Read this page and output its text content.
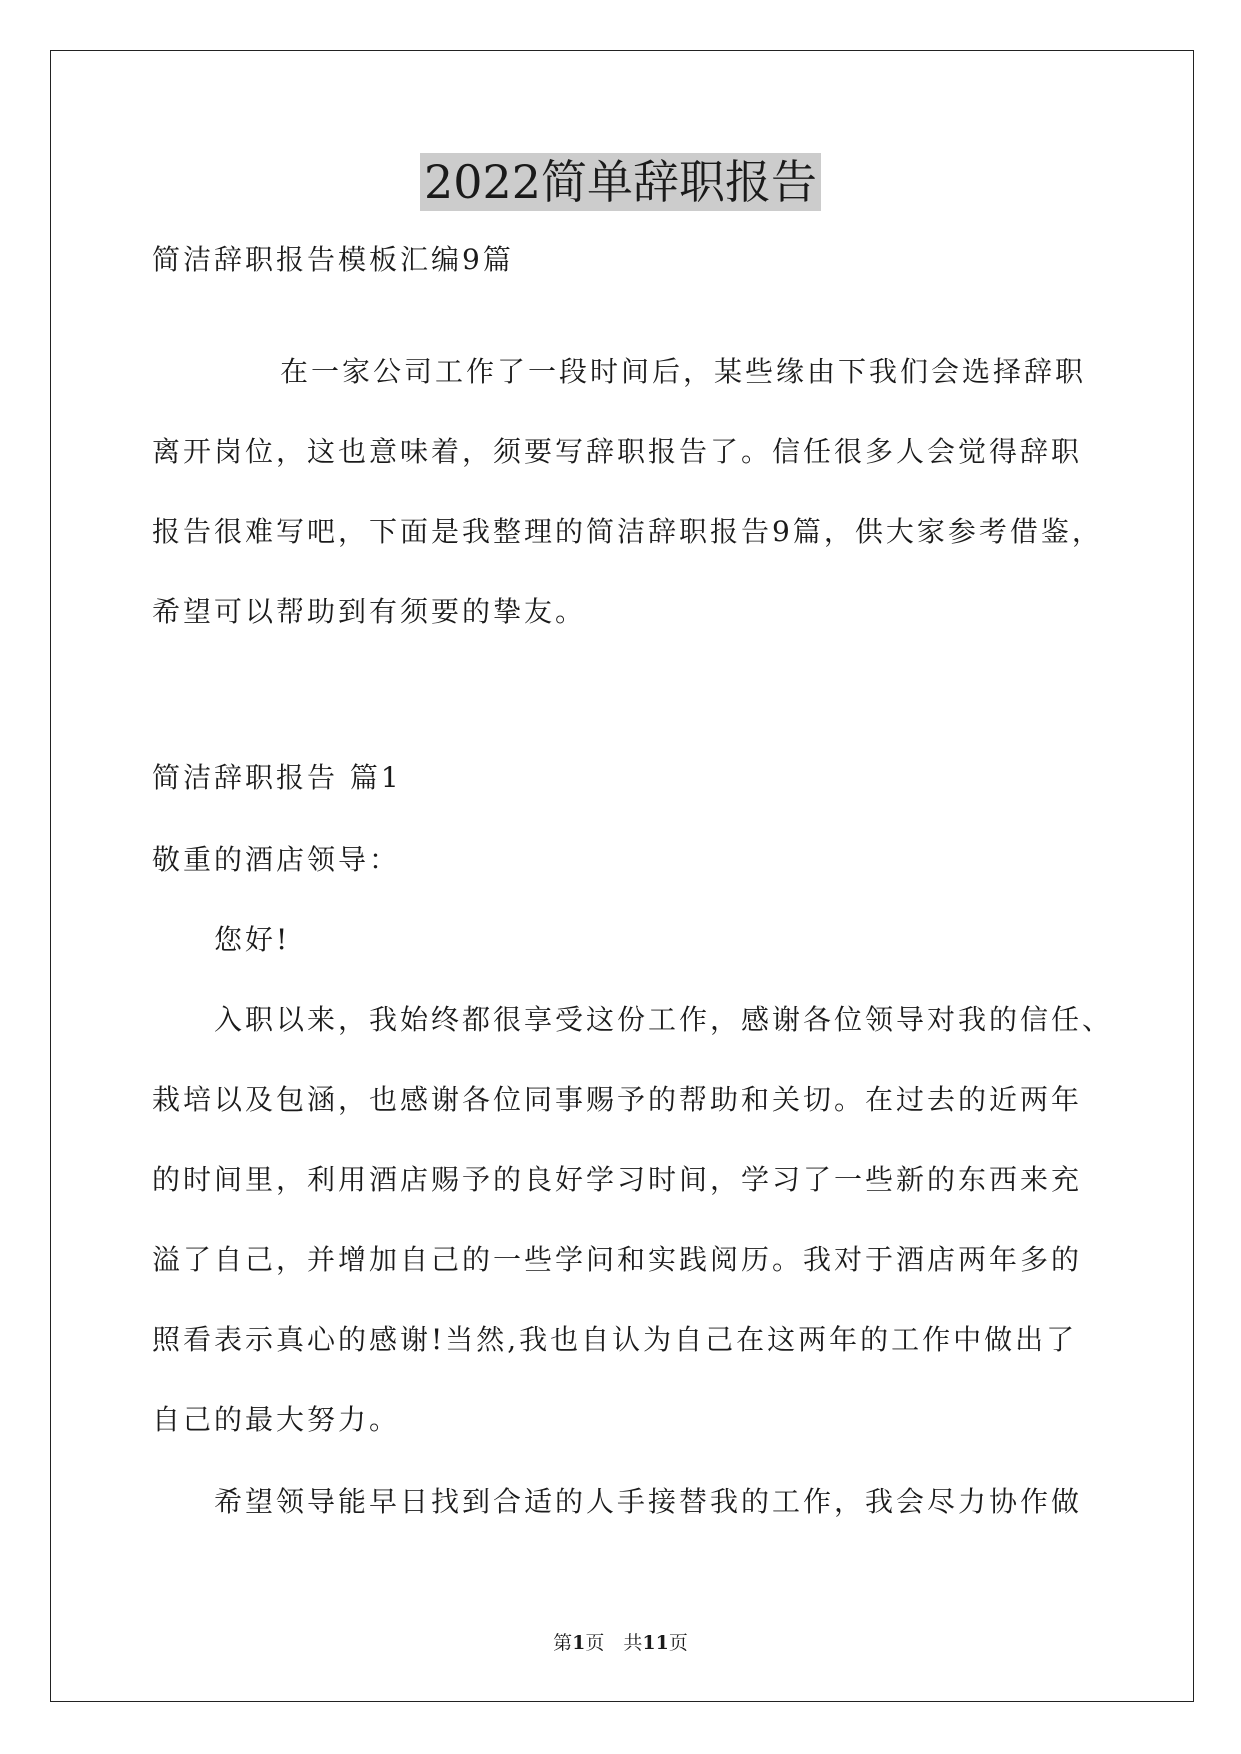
2022简单辞职报告

简洁辞职报告模板汇编9篇

在一家公司工作了一段时间后，某些缘由下我们会选择辞职

离开岗位，这也意味着，须要写辞职报告了。信任很多人会觉得辞职

报告很难写吧，下面是我整理的简洁辞职报告9篇，供大家参考借鉴，

希望可以帮助到有须要的挚友。

简洁辞职报告 篇1

敬重的酒店领导：

您好!

入职以来，我始终都很享受这份工作，感谢各位领导对我的信任、

栽培以及包涵，也感谢各位同事赐予的帮助和关切。在过去的近两年

的时间里，利用酒店赐予的良好学习时间，学习了一些新的东西来充

溢了自己，并增加自己的一些学问和实践阅历。我对于酒店两年多的

照看表示真心的感谢!当然,我也自认为自己在这两年的工作中做出了

自己的最大努力。

希望领导能早日找到合适的人手接替我的工作，我会尽力协作做

第1页　共11页
